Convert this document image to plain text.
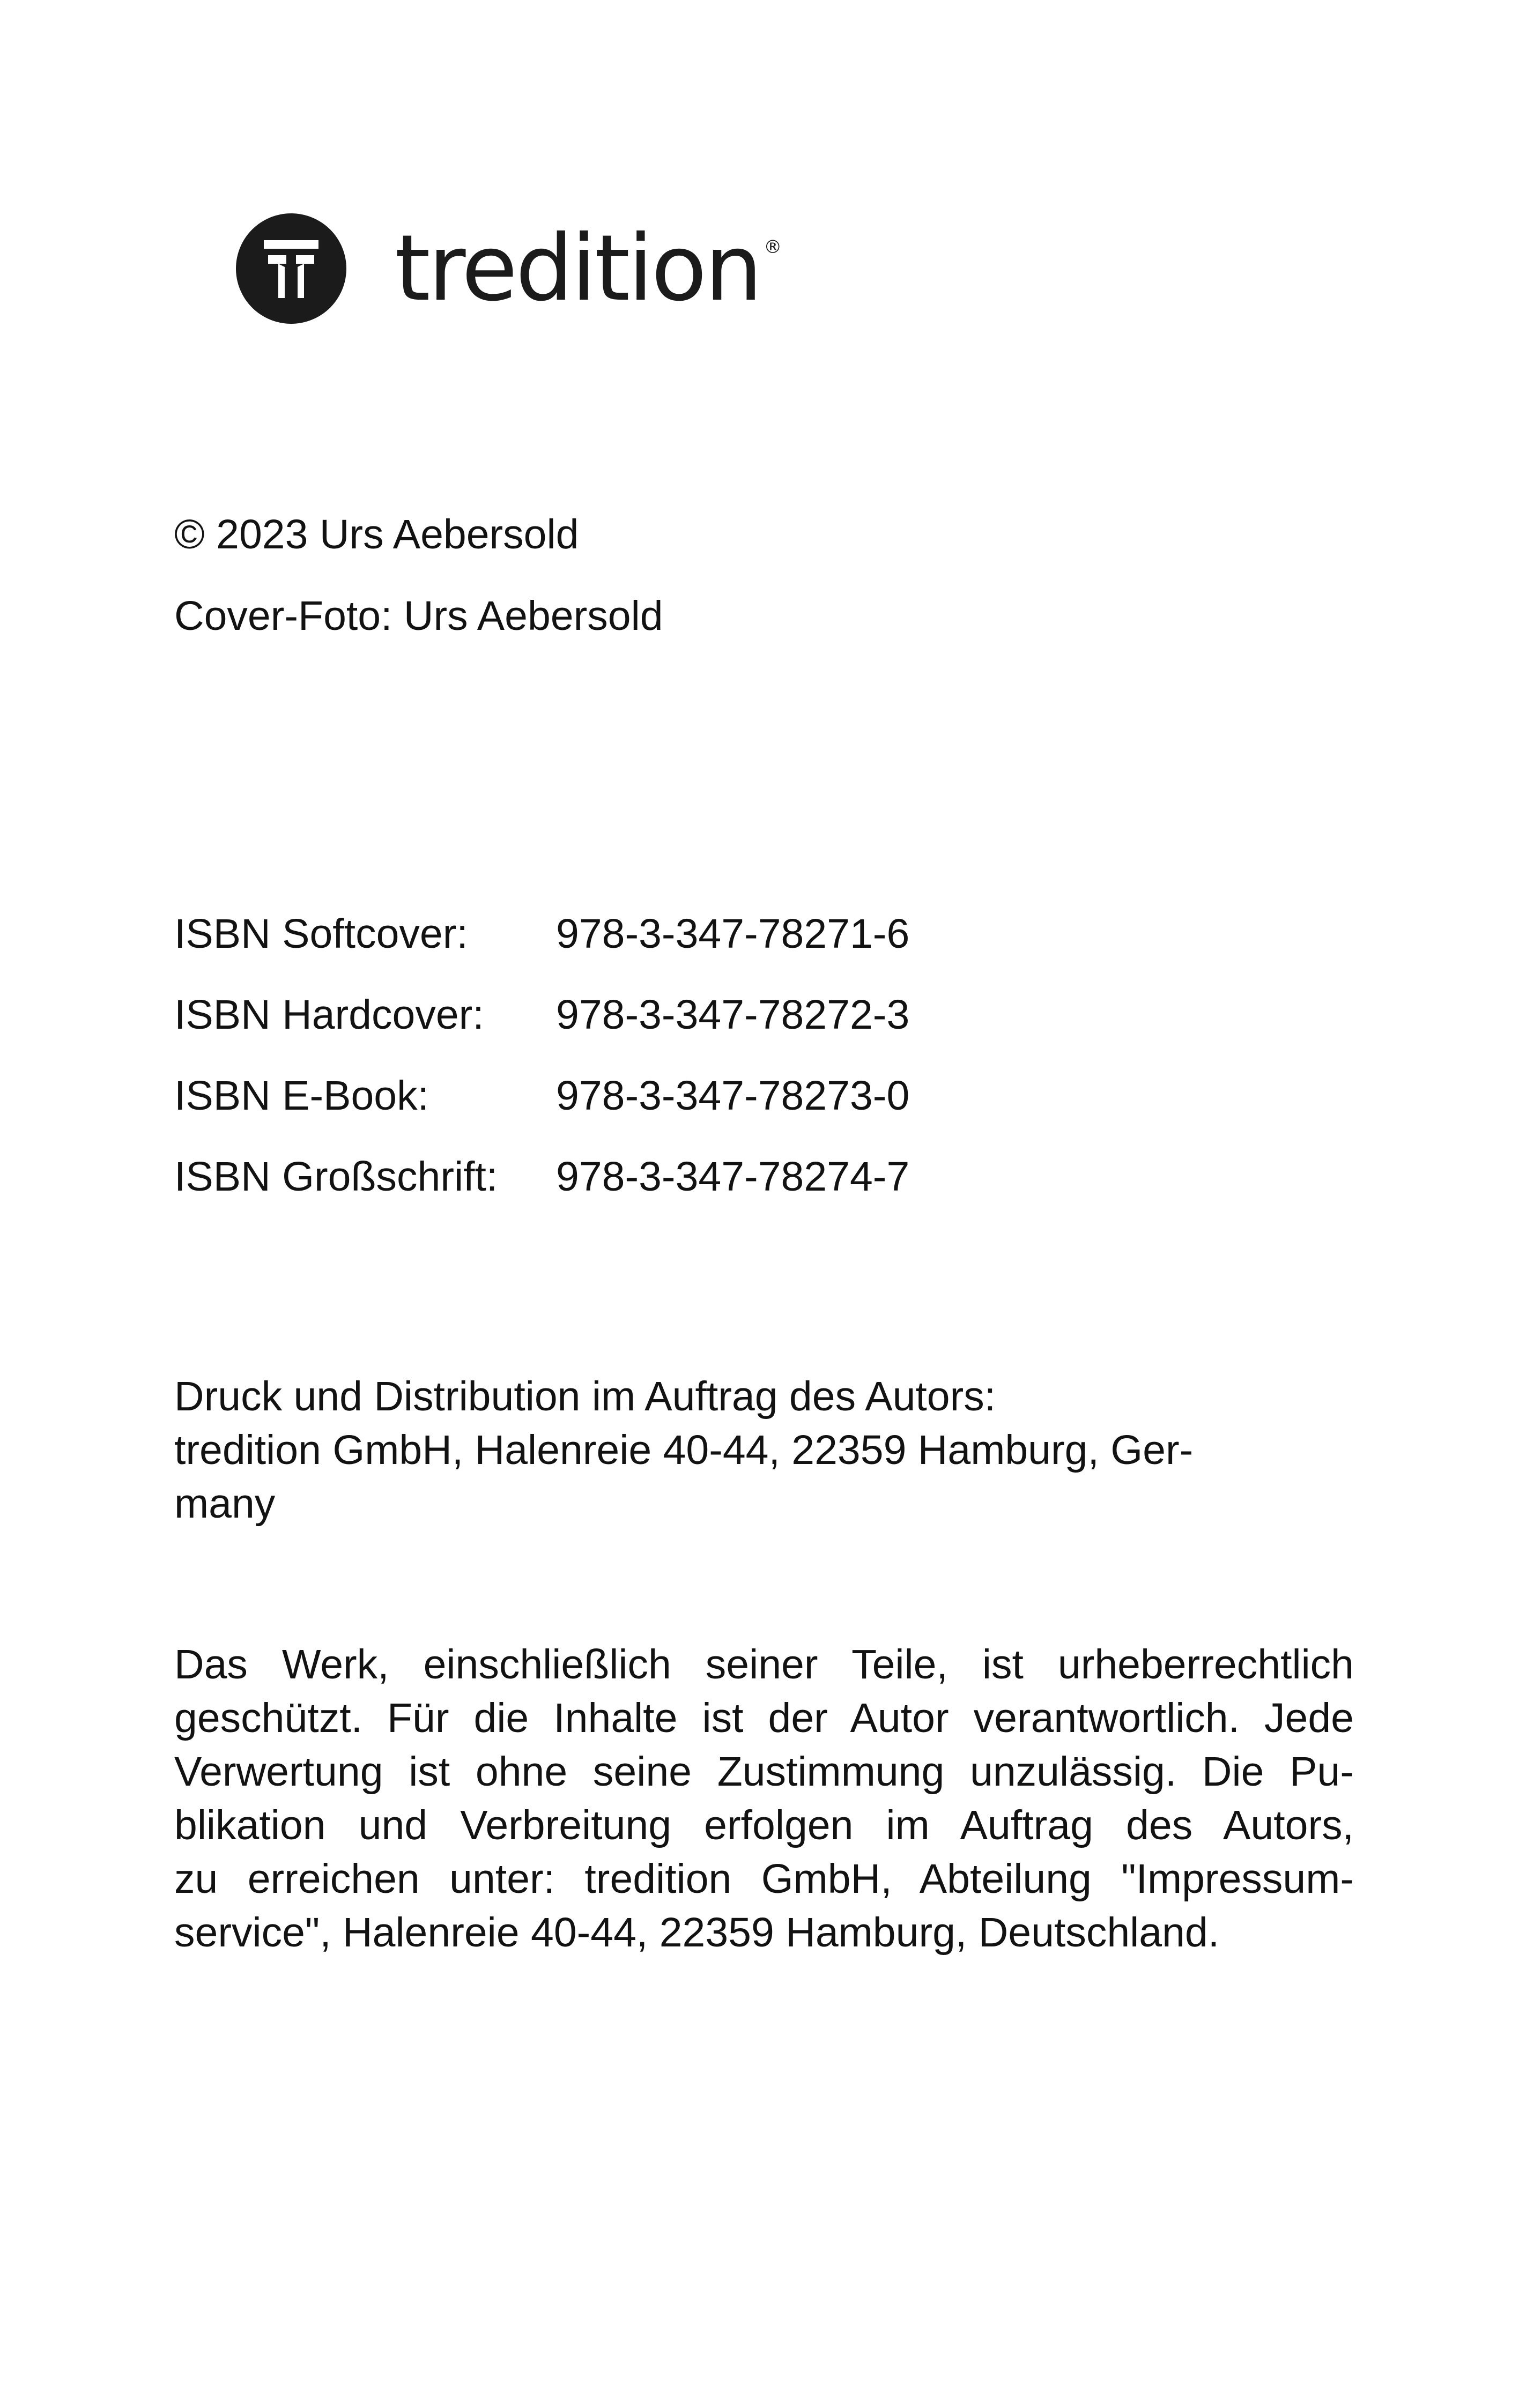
tredition ®
© 2023 Urs Aebersold
Cover-Foto: Urs Aebersold
ISBN Softcover:	978-3-347-78271-6
ISBN Hardcover:	978-3-347-78272-3
ISBN E-Book:	978-3-347-78273-0
ISBN Großschrift:	978-3-347-78274-7
Druck und Distribution im Auftrag des Autors:
tredition GmbH, Halenreie 40-44, 22359 Hamburg, Ger-
many
Das Werk, einschließlich seiner Teile, ist urheberrechtlich
geschützt. Für die Inhalte ist der Autor verantwortlich. Jede
Verwertung ist ohne seine Zustimmung unzulässig. Die Pu-
blikation und Verbreitung erfolgen im Auftrag des Autors,
zu erreichen unter: tredition GmbH, Abteilung "Impressum-
service", Halenreie 40-44, 22359 Hamburg, Deutschland.
